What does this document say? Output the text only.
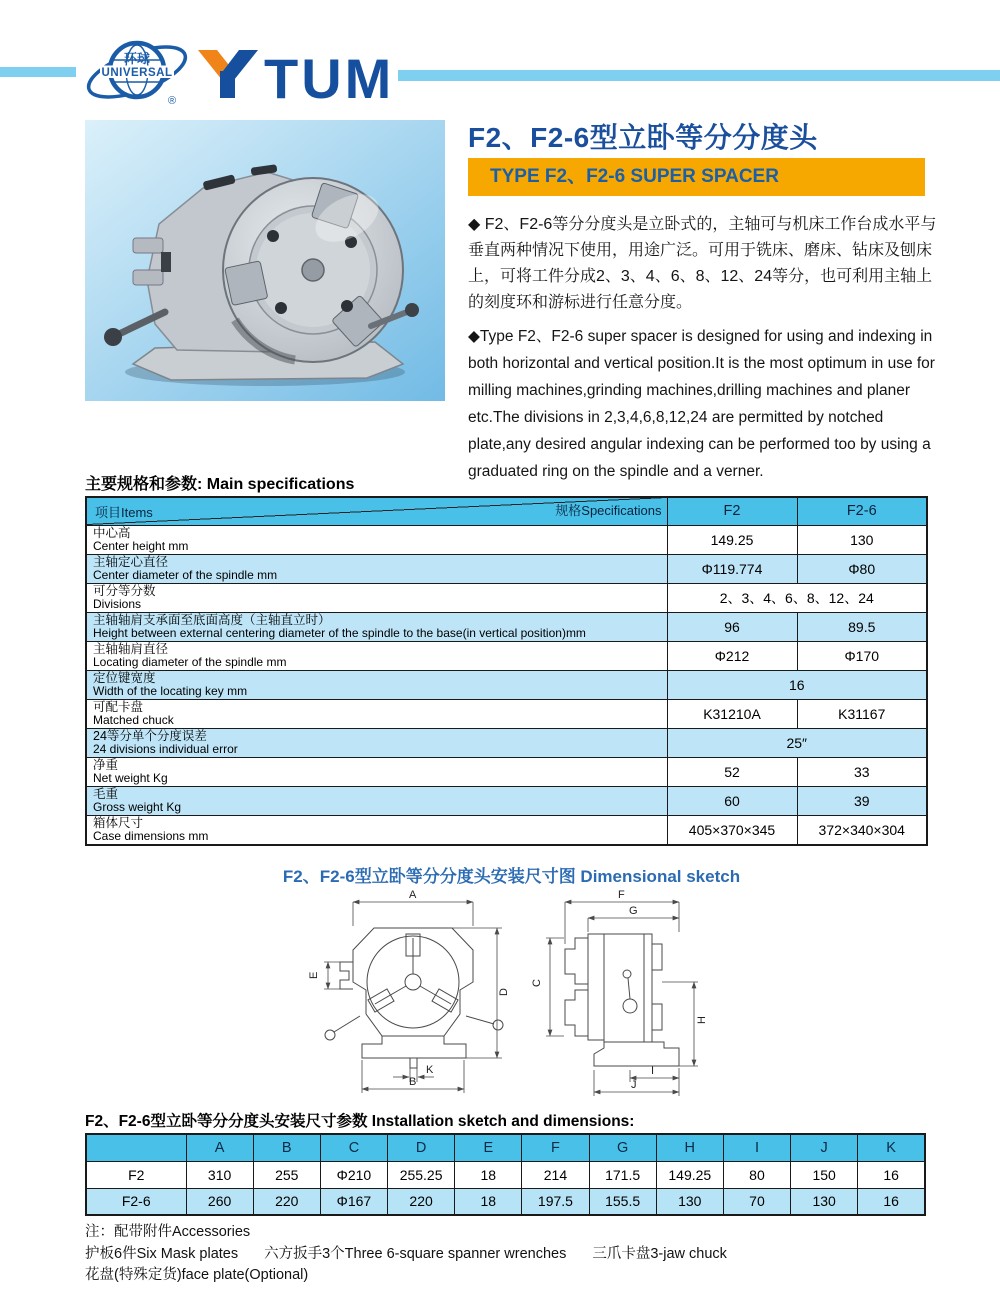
环球
UNIVERSAL
® TUM
F2、F2-6型立卧等分分度头
TYPE F2、F2-6 SUPER SPACER
◆ F2、F2-6等分分度头是立卧式的，主轴可与机床工作台成水平与垂直两种情况下使用，用途广泛。可用于铣床、磨床、钻床及刨床上，可将工件分成2、3、4、6、8、12、24等分，也可利用主轴上的刻度环和游标进行任意分度。
◆Type F2、F2-6 super spacer is designed for using and indexing in both horizontal and vertical position.It is the most optimum in use for milling machines,grinding machines,drilling machines and planer etc.The divisions in 2,3,4,6,8,12,24 are permitted by notched plate,any desired angular indexing can be performed too by using a graduated ring on the spindle and a verner.
主要规格和参数: Main specifications
规格Specifications
项目Items	F2	F2-6

中心高
Center height mm	149.25	130

主轴定心直径
Center diameter of the spindle mm	Φ119.774	Φ80

可分等分数
Divisions	2、3、4、6、8、12、24	

主轴轴肩支承面至底面高度（主轴直立时）
Height between external centering diameter of the spindle to the base(in vertical position)mm	96	89.5

主轴轴肩直径
Locating diameter of the spindle mm	Φ212	Φ170

定位键宽度
Width of the locating key mm	16	

可配卡盘
Matched chuck	K31210A	K31167

24等分单个分度误差
24 divisions individual error	25″	

净重
Net weight Kg	52	33

毛重
Gross weight Kg	60	39

箱体尺寸
Case dimensions mm	405×370×345	372×340×304
F2、F2-6型立卧等分分度头安装尺寸图 Dimensional sketch
A
E
D
K
B
F
G
C
H
I
J
F2、F2-6型立卧等分分度头安装尺寸参数 Installation sketch and dimensions:
	A	B	C	D	E	F	G	H	I	J	K
F2	310	255	Φ210	255.25	18	214	171.5	149.25	80	150	16
F2-6	260	220	Φ167	220	18	197.5	155.5	130	70	130	16
注：配带附件Accessories
护板6件Six Mask plates 六方扳手3个Three 6-square spanner wrenches 三爪卡盘3-jaw chuck
花盘(特殊定货)face plate(Optional)
